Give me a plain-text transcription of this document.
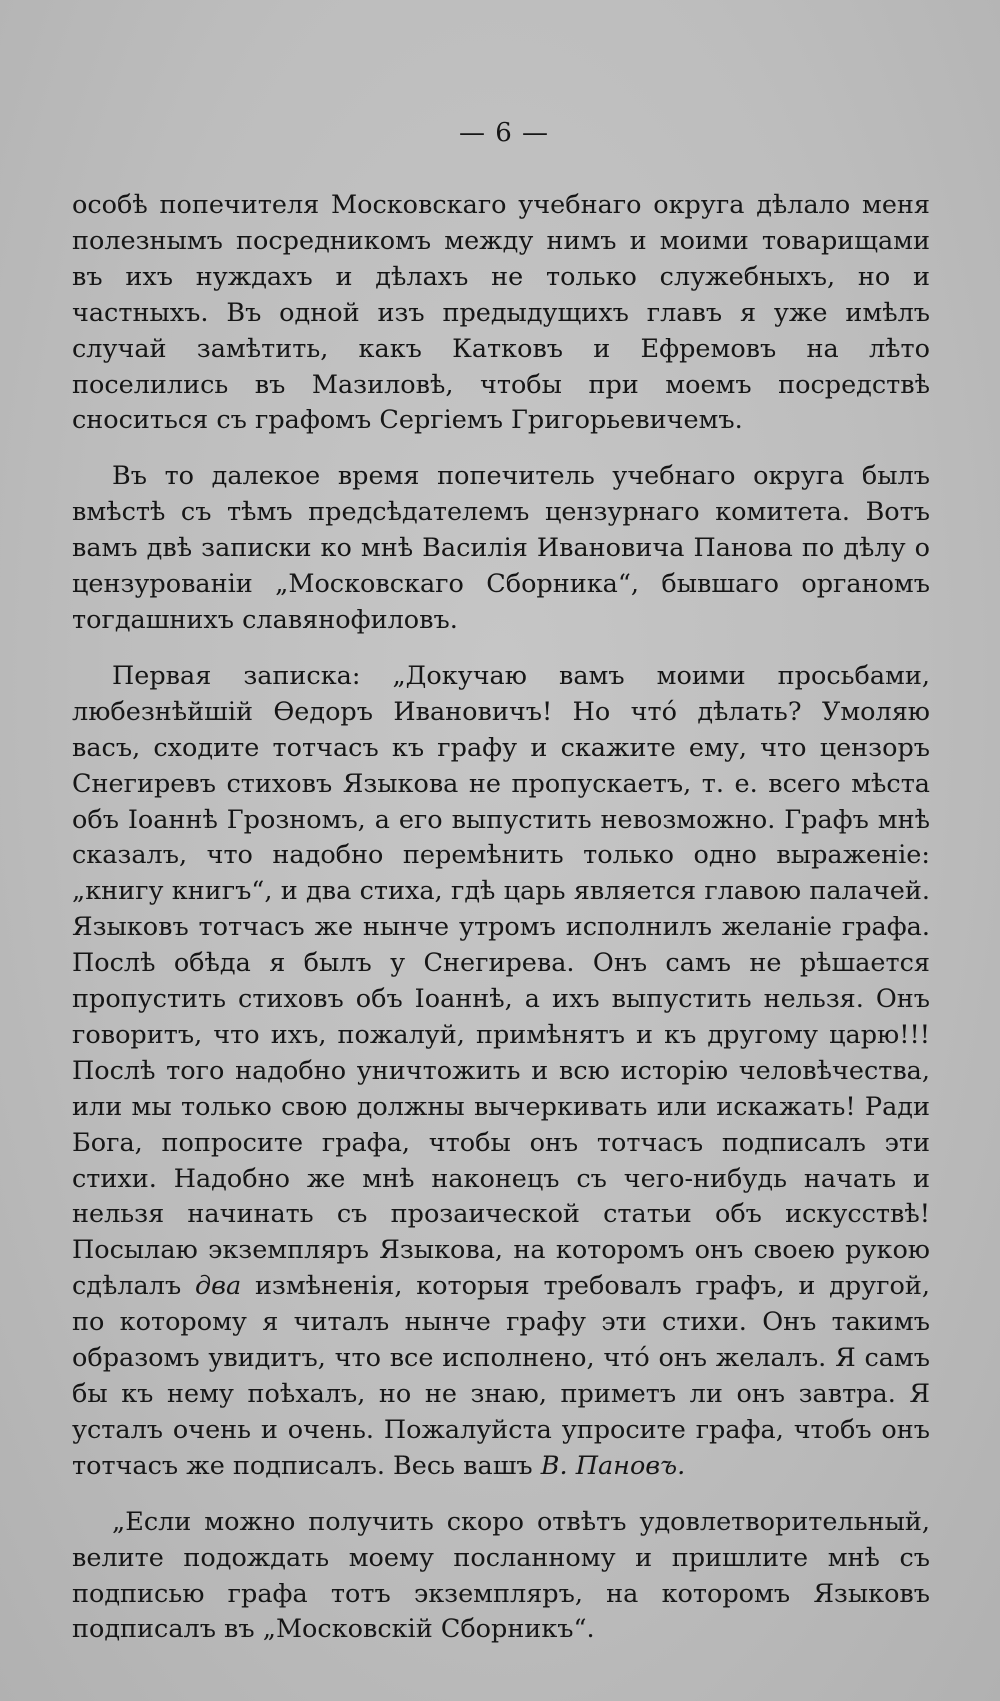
— 6 —

особѣ попечителя Московскаго учебнаго округа дѣлало меня полезнымъ посредникомъ между нимъ и моими товарищами въ ихъ нуждахъ и дѣлахъ не только служебныхъ, но и частныхъ. Въ одной изъ предыдущихъ главъ я уже имѣлъ случай замѣтить, какъ Катковъ и Ефремовъ на лѣто поселились въ Мазиловѣ, чтобы при моемъ посредствѣ сноситься съ графомъ Сергіемъ Григорьевичемъ.

Въ то далекое время попечитель учебнаго округа былъ вмѣстѣ съ тѣмъ предсѣдателемъ цензурнаго комитета. Вотъ вамъ двѣ записки ко мнѣ Василія Ивановича Панова по дѣлу о цензурованіи „Московскаго Сборника“, бывшаго органомъ тогдашнихъ славянофиловъ.

Первая записка: „Докучаю вамъ моими просьбами, любезнѣйшій Ѳедоръ Ивановичъ! Но чтó дѣлать? Умоляю васъ, сходите тотчасъ къ графу и скажите ему, что цензоръ Снегиревъ стиховъ Языкова не пропускаетъ, т. е. всего мѣста объ Іоаннѣ Грозномъ, а его выпустить невозможно. Графъ мнѣ сказалъ, что надобно перемѣнить только одно выраженіе: „книгу книгъ“, и два стиха, гдѣ царь является главою палачей. Языковъ тотчасъ же нынче утромъ исполнилъ желаніе графа. Послѣ обѣда я былъ у Снегирева. Онъ самъ не рѣшается пропустить стиховъ объ Іоаннѣ, а ихъ выпустить нельзя. Онъ говоритъ, что ихъ, пожалуй, примѣнятъ и къ другому царю!!! Послѣ того надобно уничтожить и всю исторію человѣчества, или мы только свою должны вычеркивать или искажать! Ради Бога, попросите графа, чтобы онъ тотчасъ подписалъ эти стихи. Надобно же мнѣ наконецъ съ чего-нибудь начать и нельзя начинать съ прозаической статьи объ искусствѣ! Посылаю экземпляръ Языкова, на которомъ онъ своею рукою сдѣлалъ два измѣненія, которыя требовалъ графъ, и другой, по которому я читалъ нынче графу эти стихи. Онъ такимъ образомъ увидитъ, что все исполнено, чтó онъ желалъ. Я самъ бы къ нему поѣхалъ, но не знаю, приметъ ли онъ завтра. Я усталъ очень и очень. Пожалуйста упросите графа, чтобъ онъ тотчасъ же подписалъ. Весь вашъ В. Пановъ.

„Если можно получить скоро отвѣтъ удовлетворительный, велите подождать моему посланному и пришлите мнѣ съ подписью графа тотъ экземпляръ, на которомъ Языковъ подписалъ въ „Московскій Сборникъ“.
